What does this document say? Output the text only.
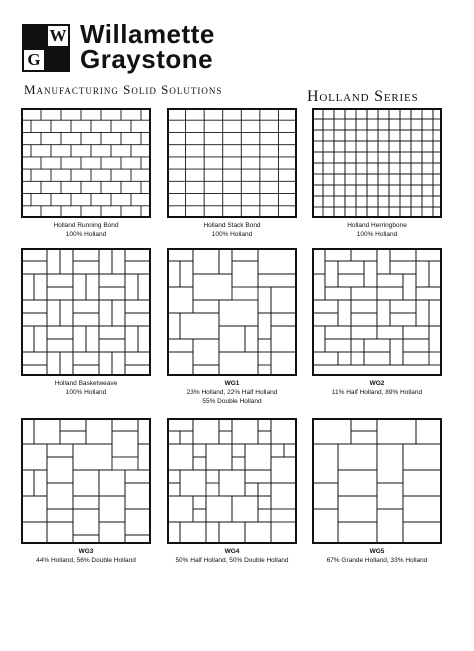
W
G
Willamette
Graystone
Manufacturing Solid Solutions	Holland Series
Holland Running Bond
100% Holland
Holland Stack Bond
100% Holland
Holland Herringbone
100% Holland
Holland Basketweave
100% Holland
WG1
23% Holland, 22% Half Holland
55% Double Holland
WG2
11% Half Holland, 89% Holland
WG3
44% Holland, 56% Double Holland
WG4
50% Half Holland, 50% Double Holland
WG5
67% Grande Holland, 33% Holland
